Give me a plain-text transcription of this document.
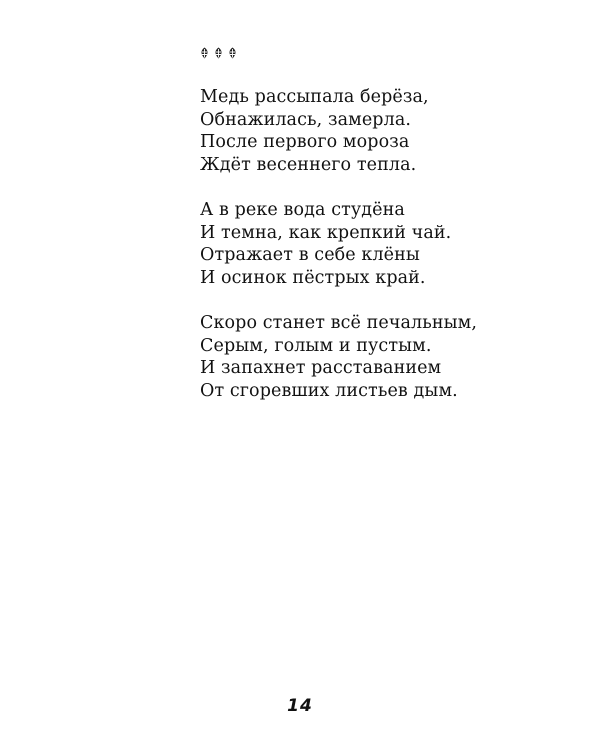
Медь рассыпала берёза,
Обнажилась, замерла.
После первого мороза
Ждёт весеннего тепла.
А в реке вода студёна
И темна, как крепкий чай.
Отражает в себе клёны
И осинок пёстрых край.
Скоро станет всё печальным,
Серым, голым и пустым.
И запахнет расставанием
От сгоревших листьев дым.
14
